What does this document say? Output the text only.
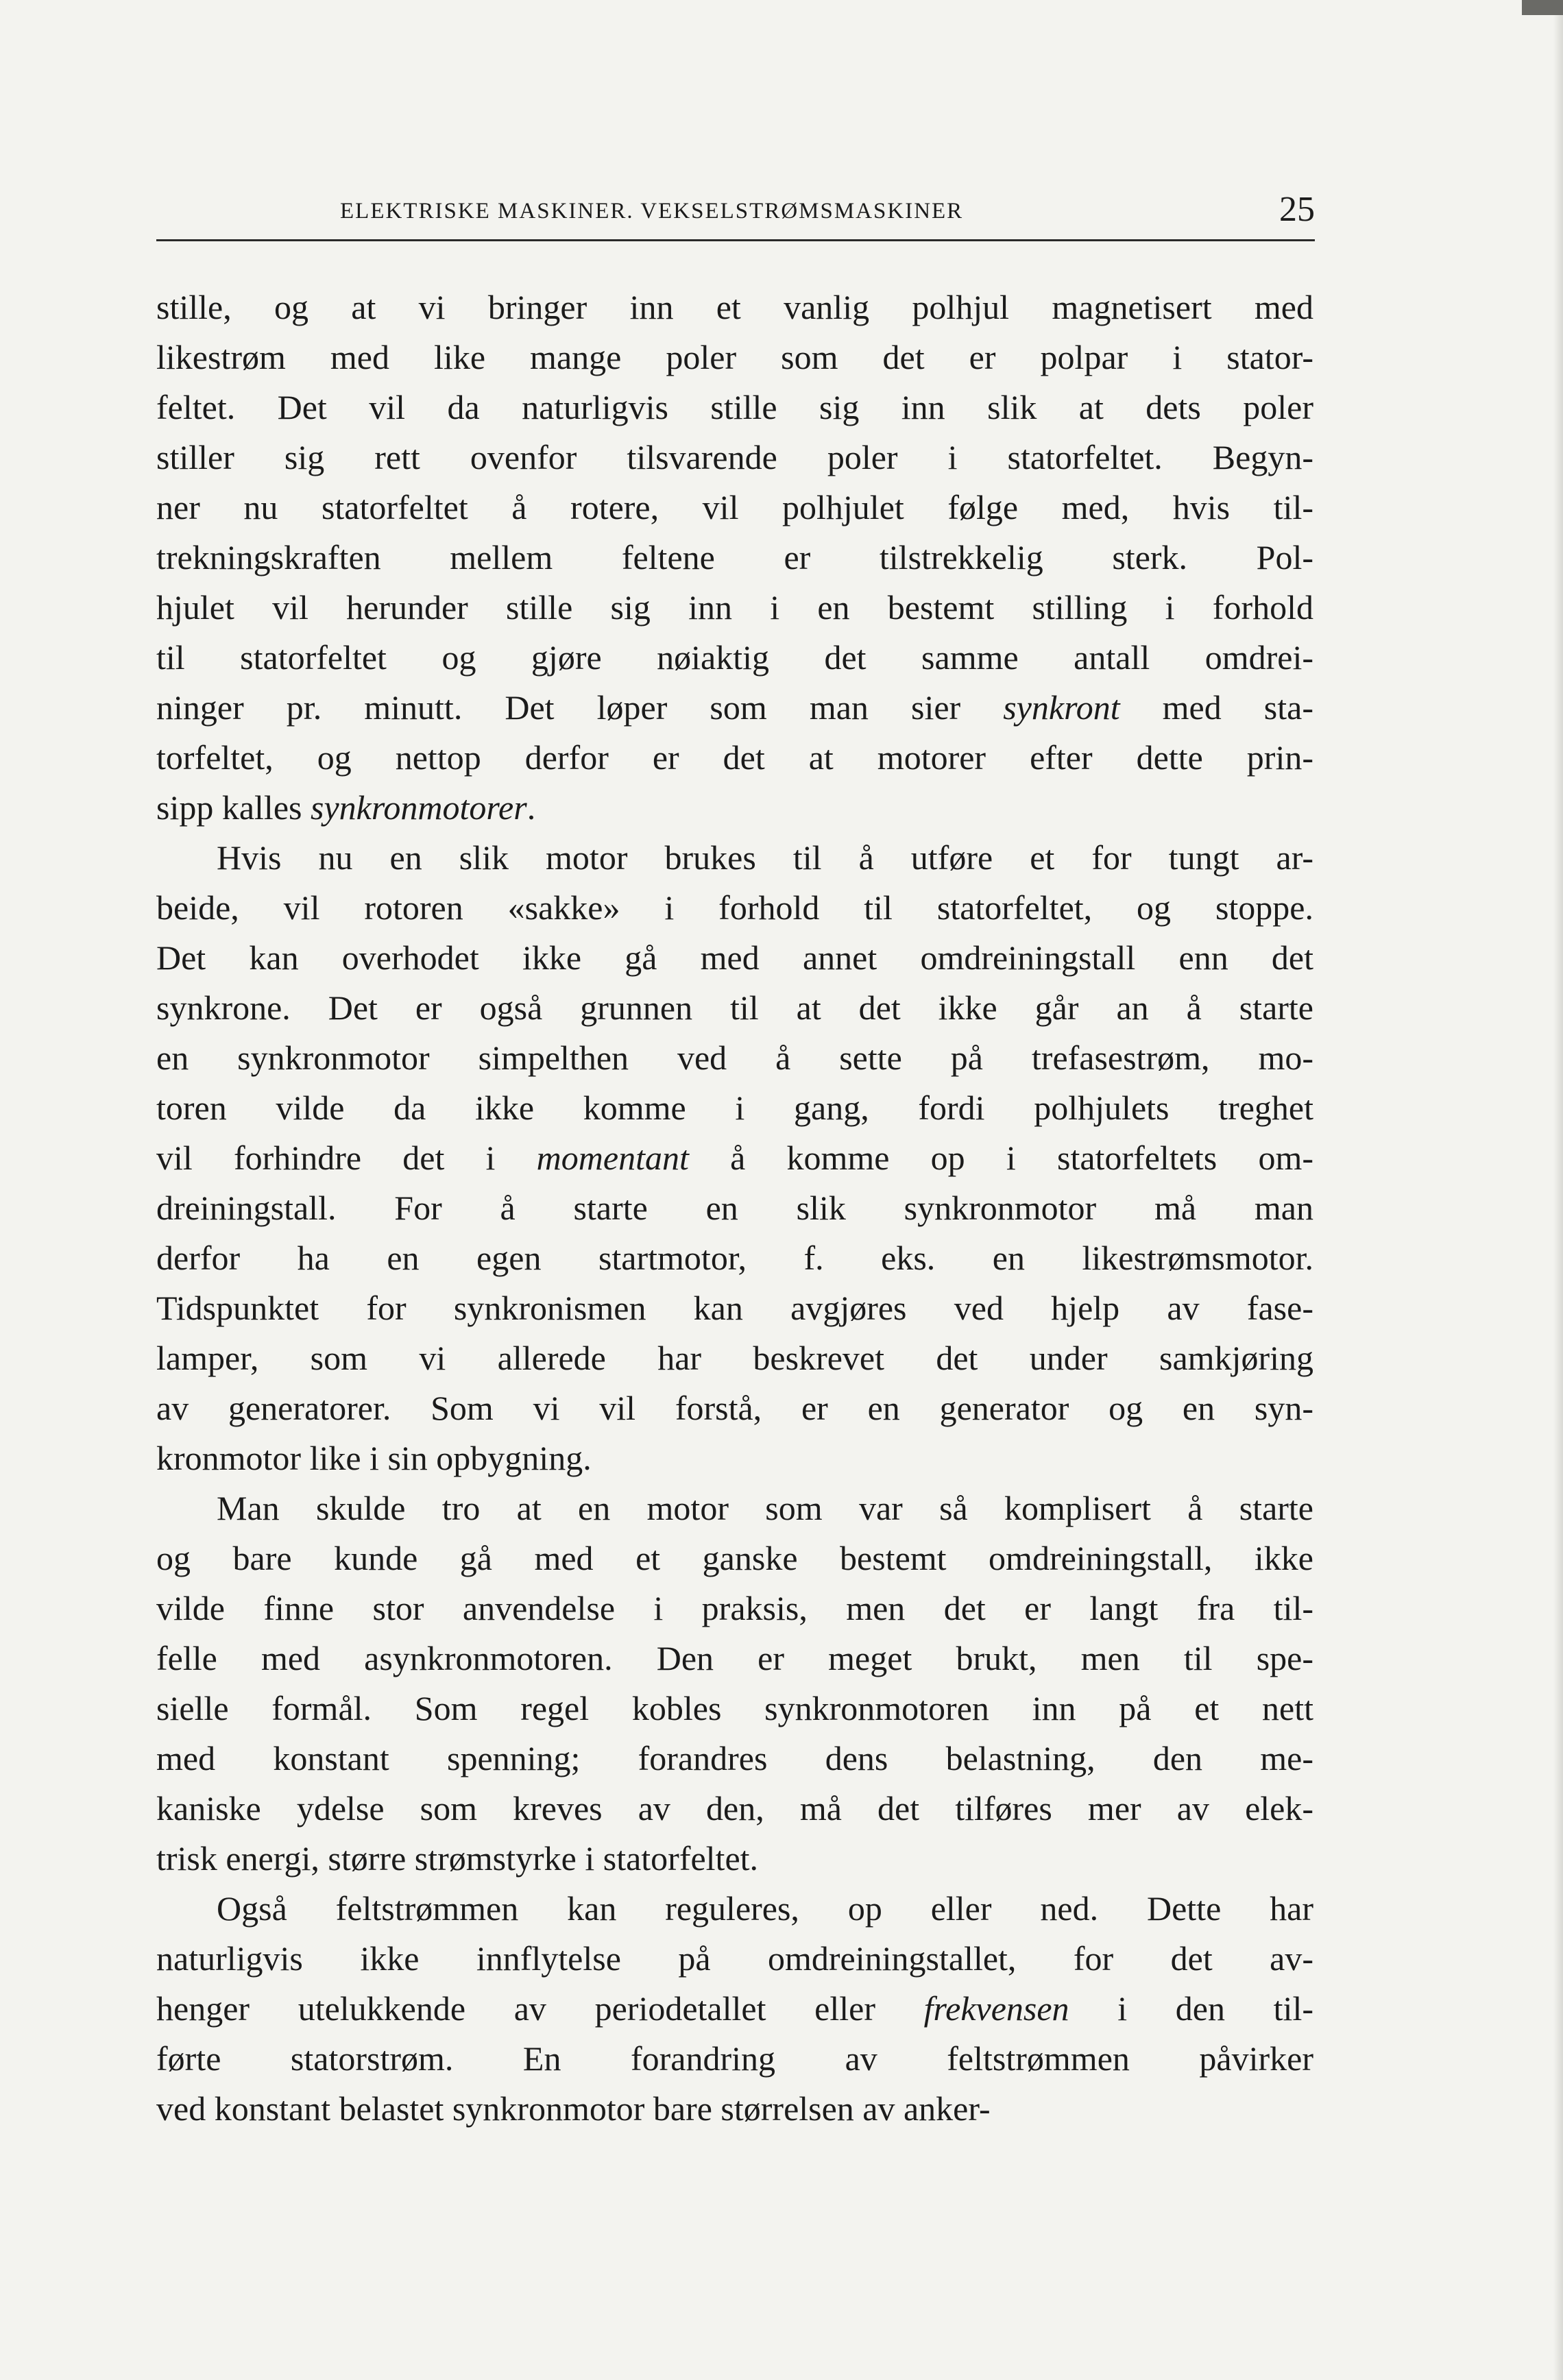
ELEKTRISKE MASKINER. VEKSELSTRØMSMASKINER	25
stille, og at vi bringer inn et vanlig polhjul magnetisert med
likestrøm med like mange poler som det er polpar i stator-
feltet. Det vil da naturligvis stille sig inn slik at dets poler
stiller sig rett ovenfor tilsvarende poler i statorfeltet. Begyn-
ner nu statorfeltet å rotere, vil polhjulet følge med, hvis til-
trekningskraften mellem feltene er tilstrekkelig sterk. Pol-
hjulet vil herunder stille sig inn i en bestemt stilling i forhold
til statorfeltet og gjøre nøiaktig det samme antall omdrei-
ninger pr. minutt. Det løper som man sier synkront med sta-
torfeltet, og nettop derfor er det at motorer efter dette prin-
sipp kalles synkronmotorer.
Hvis nu en slik motor brukes til å utføre et for tungt ar-
beide, vil rotoren «sakke» i forhold til statorfeltet, og stoppe.
Det kan overhodet ikke gå med annet omdreiningstall enn det
synkrone. Det er også grunnen til at det ikke går an å starte
en synkronmotor simpelthen ved å sette på trefasestrøm, mo-
toren vilde da ikke komme i gang, fordi polhjulets treghet
vil forhindre det i momentant å komme op i statorfeltets om-
dreiningstall. For å starte en slik synkronmotor må man
derfor ha en egen startmotor, f. eks. en likestrømsmotor.
Tidspunktet for synkronismen kan avgjøres ved hjelp av fase-
lamper, som vi allerede har beskrevet det under samkjøring
av generatorer. Som vi vil forstå, er en generator og en syn-
kronmotor like i sin opbygning.
Man skulde tro at en motor som var så komplisert å starte
og bare kunde gå med et ganske bestemt omdreiningstall, ikke
vilde finne stor anvendelse i praksis, men det er langt fra til-
felle med asynkronmotoren. Den er meget brukt, men til spe-
sielle formål. Som regel kobles synkronmotoren inn på et nett
med konstant spenning; forandres dens belastning, den me-
kaniske ydelse som kreves av den, må det tilføres mer av elek-
trisk energi, større strømstyrke i statorfeltet.
Også feltstrømmen kan reguleres, op eller ned. Dette har
naturligvis ikke innflytelse på omdreiningstallet, for det av-
henger utelukkende av periodetallet eller frekvensen i den til-
førte statorstrøm. En forandring av feltstrømmen påvirker
ved konstant belastet synkronmotor bare størrelsen av anker-
